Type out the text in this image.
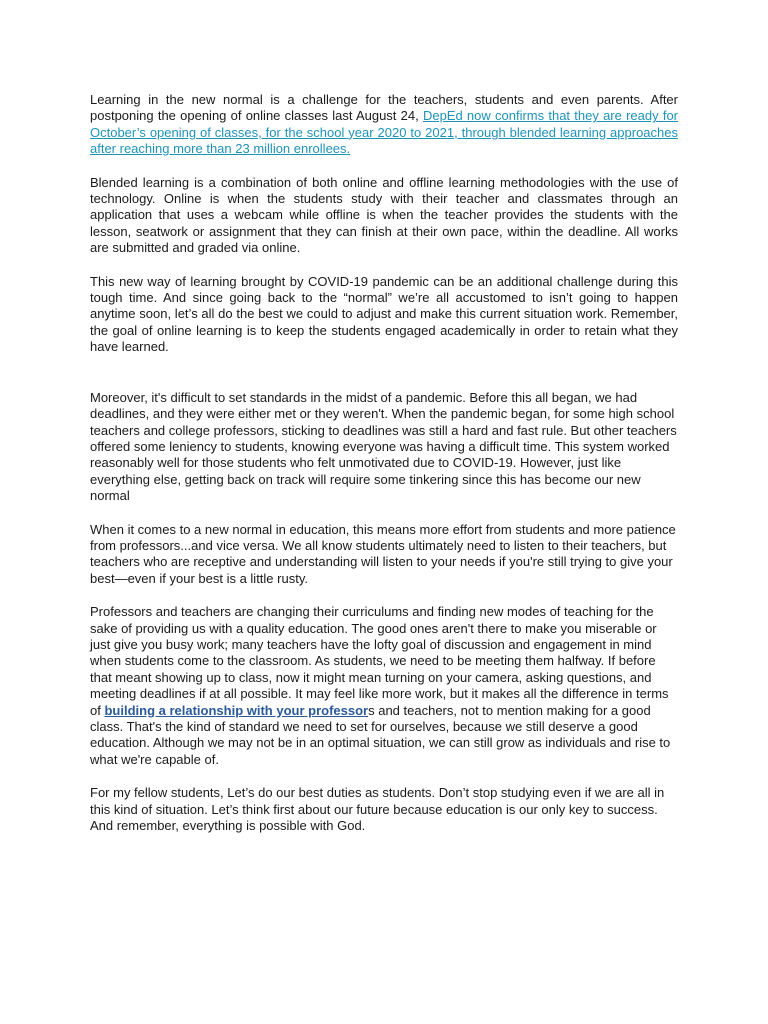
Learning in the new normal is a challenge for the teachers, students and even parents. After postponing the opening of online classes last August 24, DepEd now confirms that they are ready for October’s opening of classes, for the school year 2020 to 2021, through blended learning approaches after reaching more than 23 million enrollees.

Blended learning is a combination of both online and offline learning methodologies with the use of technology. Online is when the students study with their teacher and classmates through an application that uses a webcam while offline is when the teacher provides the students with the lesson, seatwork or assignment that they can finish at their own pace, within the deadline. All works are submitted and graded via online.

This new way of learning brought by COVID-19 pandemic can be an additional challenge during this tough time. And since going back to the “normal” we’re all accustomed to isn’t going to happen anytime soon, let’s all do the best we could to adjust and make this current situation work. Remember, the goal of online learning is to keep the students engaged academically in order to retain what they have learned.

Moreover, it's difficult to set standards in the midst of a pandemic. Before this all began, we had deadlines, and they were either met or they weren't. When the pandemic began, for some high school teachers and college professors, sticking to deadlines was still a hard and fast rule. But other teachers offered some leniency to students, knowing everyone was having a difficult time. This system worked reasonably well for those students who felt unmotivated due to COVID-19. However, just like everything else, getting back on track will require some tinkering since this has become our new normal

When it comes to a new normal in education, this means more effort from students and more patience from professors...and vice versa. We all know students ultimately need to listen to their teachers, but teachers who are receptive and understanding will listen to your needs if you're still trying to give your best—even if your best is a little rusty.

Professors and teachers are changing their curriculums and finding new modes of teaching for the sake of providing us with a quality education. The good ones aren't there to make you miserable or just give you busy work; many teachers have the lofty goal of discussion and engagement in mind when students come to the classroom. As students, we need to be meeting them halfway. If before that meant showing up to class, now it might mean turning on your camera, asking questions, and meeting deadlines if at all possible. It may feel like more work, but it makes all the difference in terms of building a relationship with your professors and teachers, not to mention making for a good class. That's the kind of standard we need to set for ourselves, because we still deserve a good education. Although we may not be in an optimal situation, we can still grow as individuals and rise to what we're capable of.

For my fellow students, Let’s do our best duties as students. Don’t stop studying even if we are all in this kind of situation. Let’s think first about our future because education is our only key to success. And remember, everything is possible with God.
